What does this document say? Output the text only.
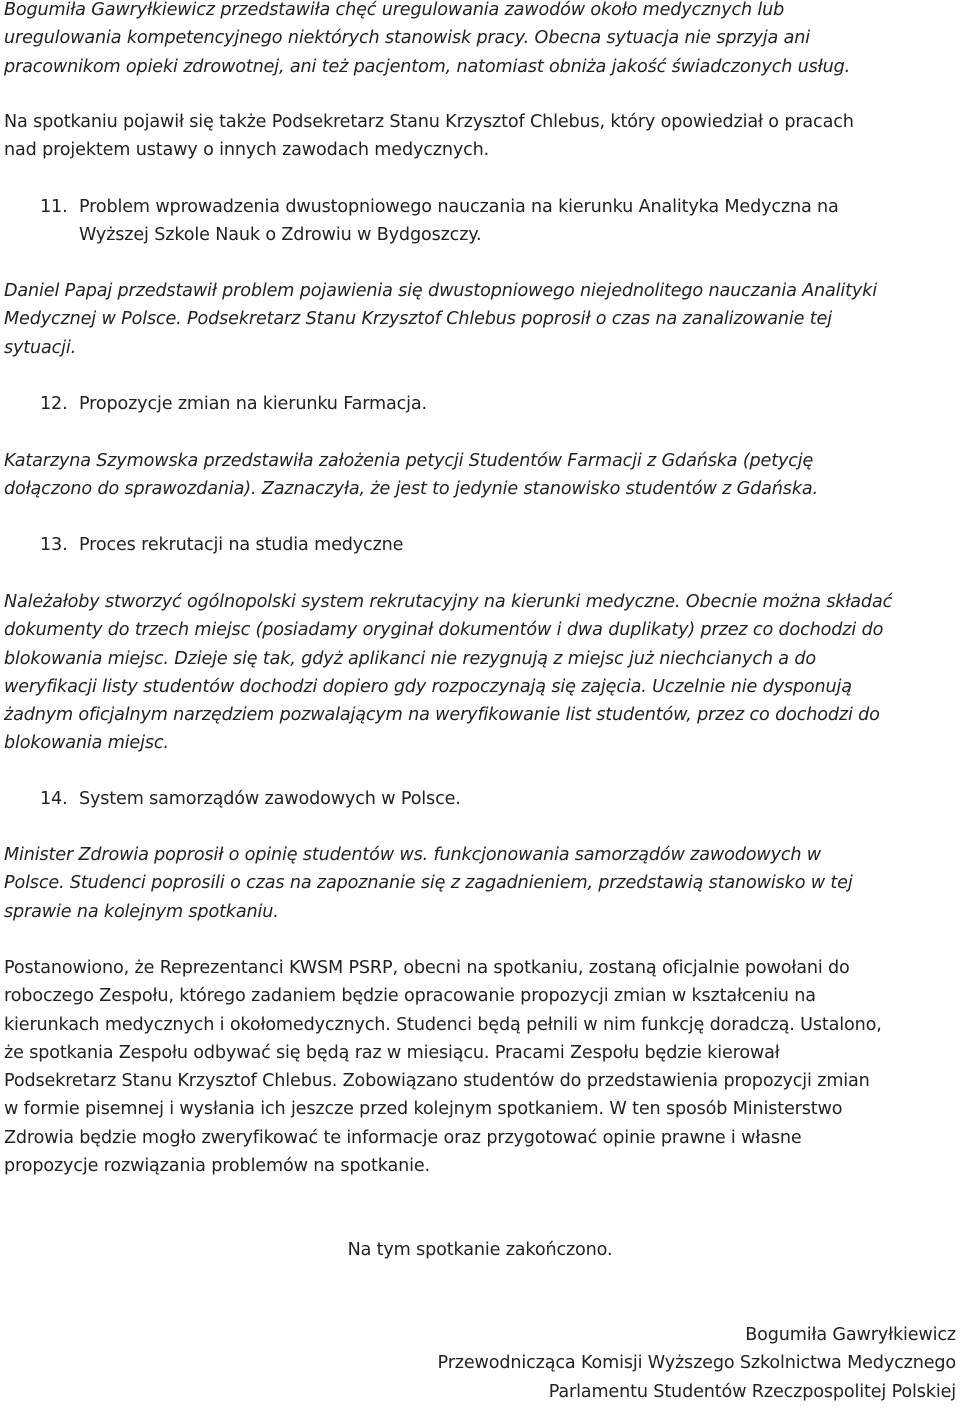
Bogumiła Gawryłkiewicz przedstawiła chęć uregulowania zawodów około medycznych lub
uregulowania kompetencyjnego niektórych stanowisk pracy. Obecna sytuacja nie sprzyja ani
pracownikom opieki zdrowotnej, ani też pacjentom, natomiast obniża jakość świadczonych usług.
Na spotkaniu pojawił się także Podsekretarz Stanu Krzysztof Chlebus, który opowiedział o pracach
nad projektem ustawy o innych zawodach medycznych.
11. Problem wprowadzenia dwustopniowego nauczania na kierunku Analityka Medyczna na
Wyższej Szkole Nauk o Zdrowiu w Bydgoszczy.
Daniel Papaj przedstawił problem pojawienia się dwustopniowego niejednolitego nauczania Analityki
Medycznej w Polsce. Podsekretarz Stanu Krzysztof Chlebus poprosił o czas na zanalizowanie tej
sytuacji.
12. Propozycje zmian na kierunku Farmacja.
Katarzyna Szymowska przedstawiła założenia petycji Studentów Farmacji z Gdańska (petycję
dołączono do sprawozdania). Zaznaczyła, że jest to jedynie stanowisko studentów z Gdańska.
13. Proces rekrutacji na studia medyczne
Należałoby stworzyć ogólnopolski system rekrutacyjny na kierunki medyczne. Obecnie można składać
dokumenty do trzech miejsc (posiadamy oryginał dokumentów i dwa duplikaty) przez co dochodzi do
blokowania miejsc. Dzieje się tak, gdyż aplikanci nie rezygnują z miejsc już niechcianych a do
weryfikacji listy studentów dochodzi dopiero gdy rozpoczynają się zajęcia. Uczelnie nie dysponują
żadnym oficjalnym narzędziem pozwalającym na weryfikowanie list studentów, przez co dochodzi do
blokowania miejsc.
14. System samorządów zawodowych w Polsce.
Minister Zdrowia poprosił o opinię studentów ws. funkcjonowania samorządów zawodowych w
Polsce. Studenci poprosili o czas na zapoznanie się z zagadnieniem, przedstawią stanowisko w tej
sprawie na kolejnym spotkaniu.
Postanowiono, że Reprezentanci KWSM PSRP, obecni na spotkaniu, zostaną oficjalnie powołani do
roboczego Zespołu, którego zadaniem będzie opracowanie propozycji zmian w kształceniu na
kierunkach medycznych i okołomedycznych. Studenci będą pełnili w nim funkcję doradczą. Ustalono,
że spotkania Zespołu odbywać się będą raz w miesiącu. Pracami Zespołu będzie kierował
Podsekretarz Stanu Krzysztof Chlebus. Zobowiązano studentów do przedstawienia propozycji zmian
w formie pisemnej i wysłania ich jeszcze przed kolejnym spotkaniem. W ten sposób Ministerstwo
Zdrowia będzie mogło zweryfikować te informacje oraz przygotować opinie prawne i własne
propozycje rozwiązania problemów na spotkanie.
Na tym spotkanie zakończono.
Bogumiła Gawryłkiewicz
Przewodnicząca Komisji Wyższego Szkolnictwa Medycznego
Parlamentu Studentów Rzeczpospolitej Polskiej
